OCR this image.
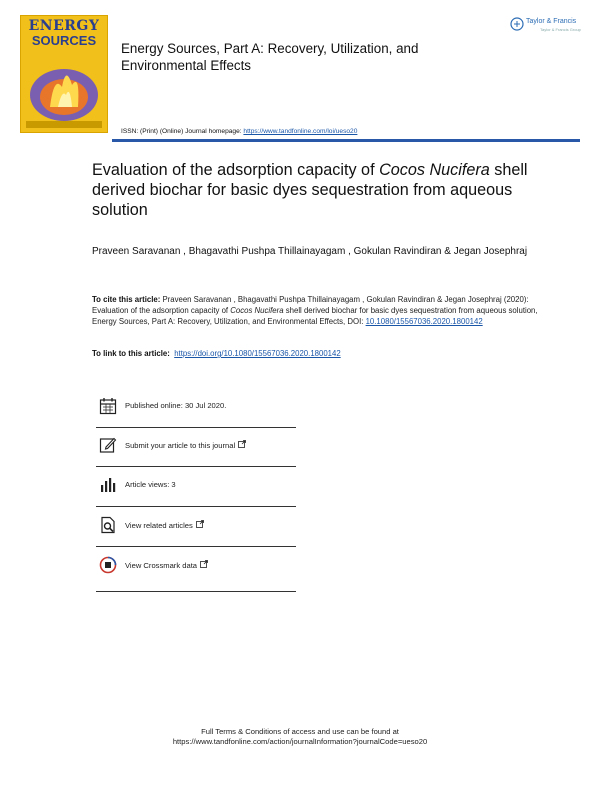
ENERGY
SOURCES
Taylor & Francis
Taylor & Francis Group
Energy Sources, Part A: Recovery, Utilization, and Environmental Effects
ISSN: (Print) (Online) Journal homepage: https://www.tandfonline.com/loi/ueso20
Evaluation of the adsorption capacity of Cocos Nucifera shell derived biochar for basic dyes sequestration from aqueous solution
Praveen Saravanan , Bhagavathi Pushpa Thillainayagam , Gokulan Ravindiran & Jegan Josephraj
To cite this article: Praveen Saravanan , Bhagavathi Pushpa Thillainayagam , Gokulan Ravindiran & Jegan Josephraj (2020): Evaluation of the adsorption capacity of Cocos Nucifera shell derived biochar for basic dyes sequestration from aqueous solution, Energy Sources, Part A: Recovery, Utilization, and Environmental Effects, DOI: 10.1080/15567036.2020.1800142
To link to this article: https://doi.org/10.1080/15567036.2020.1800142
Published online: 30 Jul 2020.
Submit your article to this journal
Article views: 3
View related articles
View Crossmark data
Full Terms & Conditions of access and use can be found at
https://www.tandfonline.com/action/journalInformation?journalCode=ueso20
